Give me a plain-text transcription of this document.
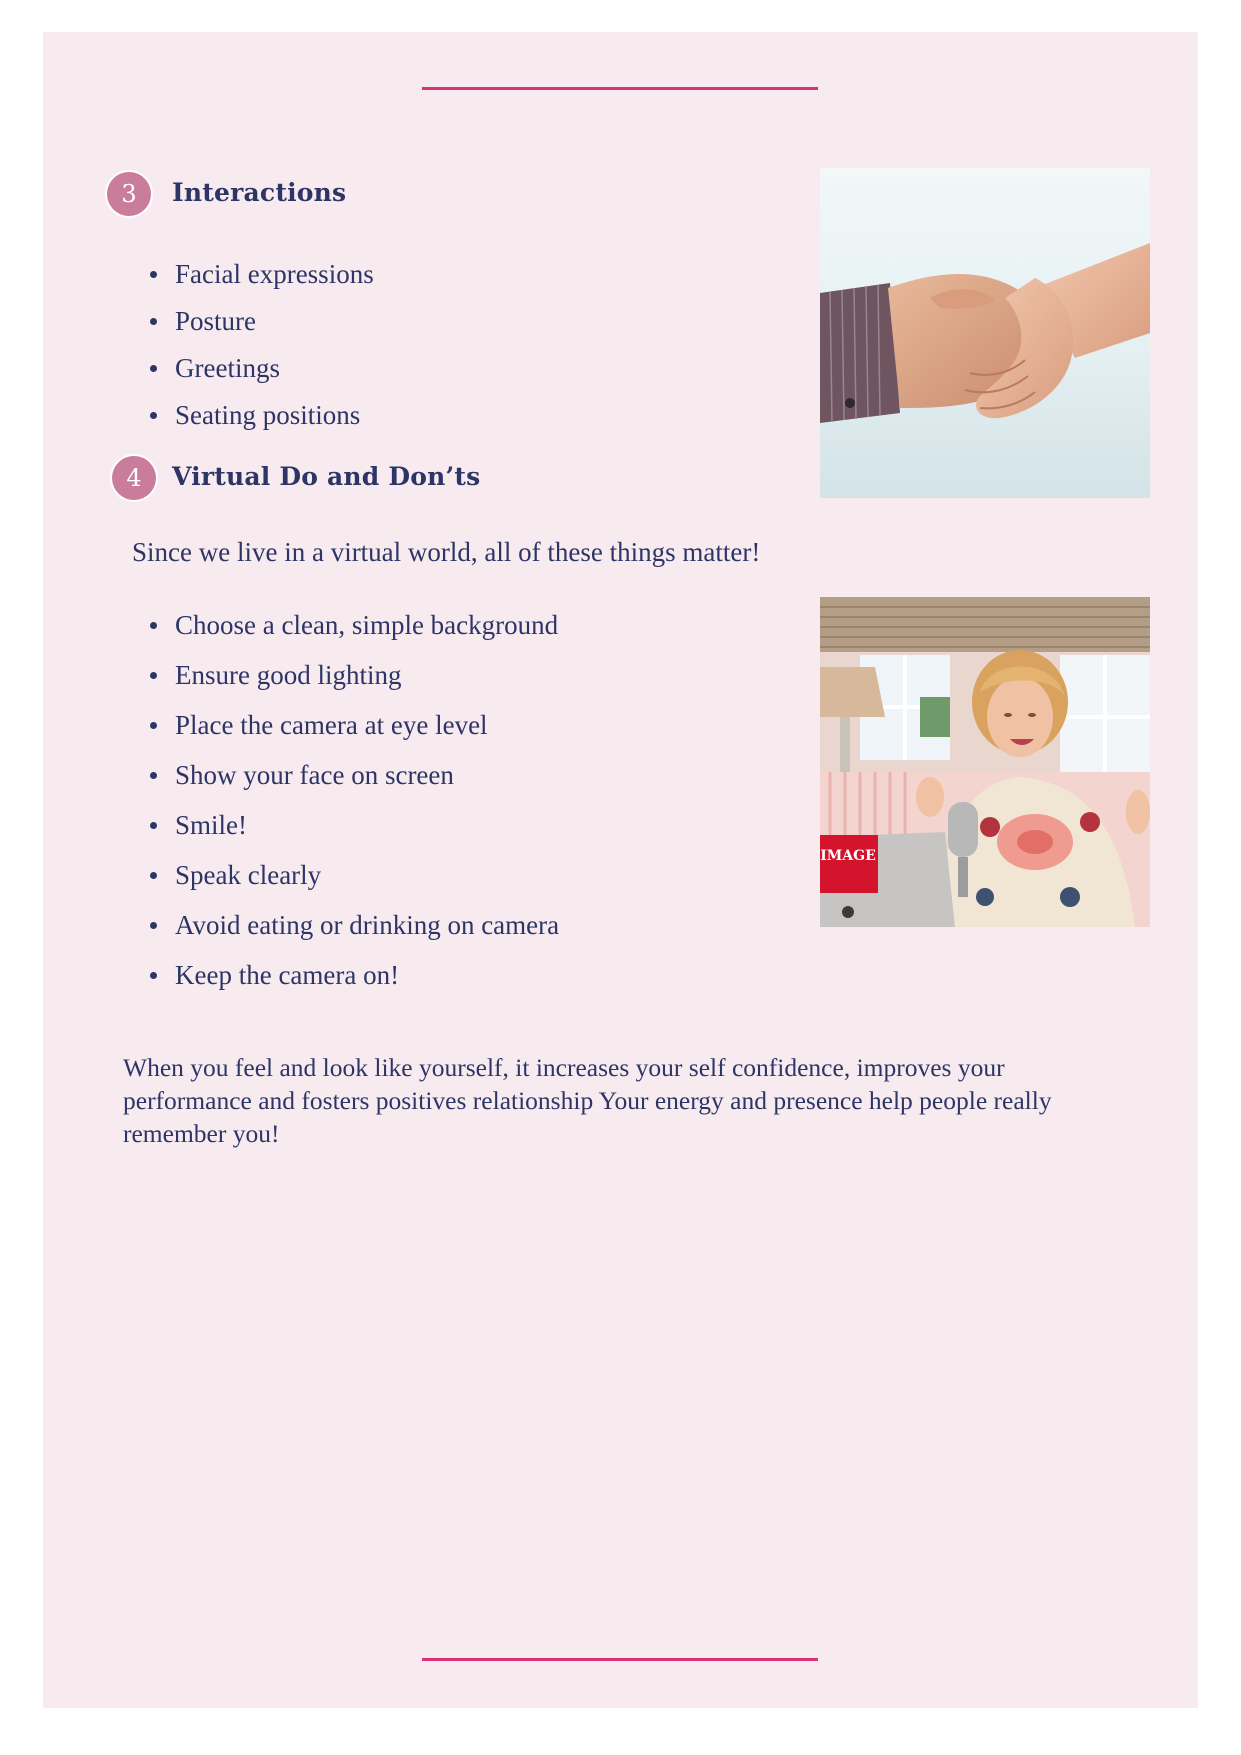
3	Interactions
Facial expressions
Posture
Greetings
Seating positions
4	Virtual Do and Don’ts
Since we live in a virtual world, all of these things matter!
Choose a clean, simple background
Ensure good lighting
Place the camera at eye level
Show your face on screen
Smile!
Speak clearly
Avoid eating or drinking on camera
Keep the camera on!
When you feel and look like yourself, it increases your self confidence, improves your performance and fosters positives relationship Your energy and presence help people really remember you!
IMAGE
